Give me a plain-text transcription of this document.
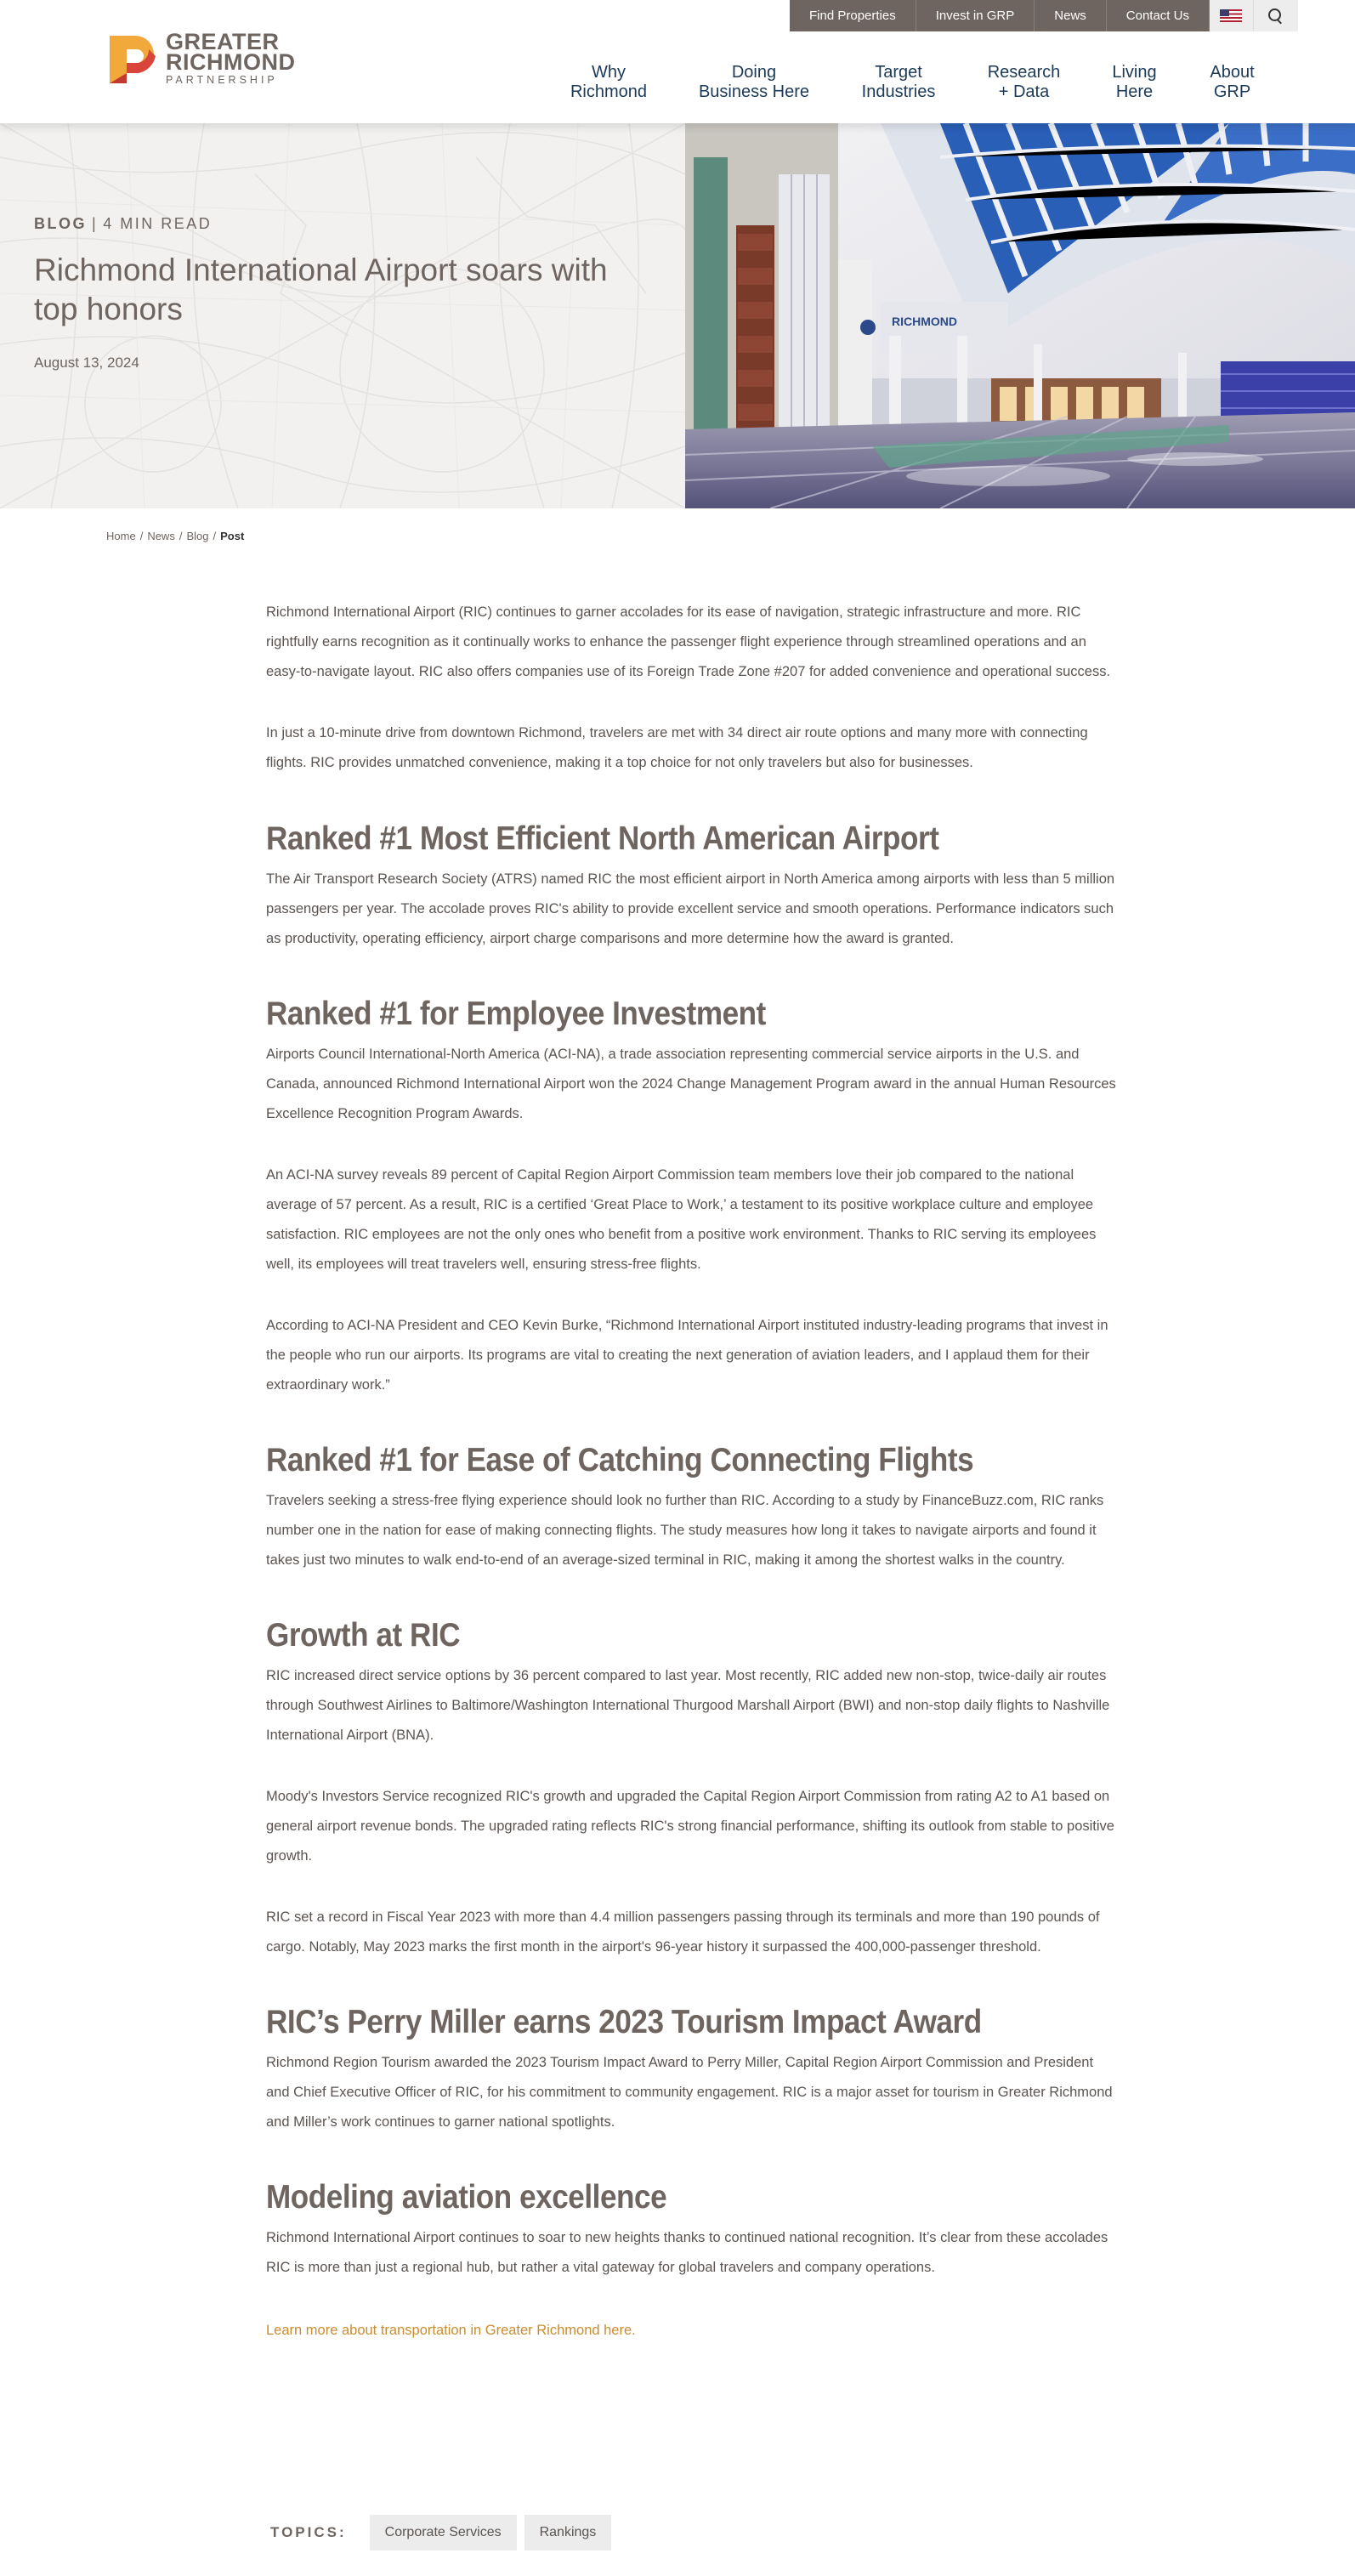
Find Properties	Invest in GRP	News	Contact Us
GREATER
RICHMOND
PARTNERSHIP	Why
Richmond
Doing
Business Here
Target
Industries
Research
+ Data
Living
Here
About
GRP
BLOG | 4 MIN READ
Richmond International Airport soars with top honors
August 13, 2024
RICHMOND
Home / News / Blog / Post

Richmond International Airport (RIC) continues to garner accolades for its ease of navigation, strategic infrastructure and more. RIC rightfully earns recognition as it continually works to enhance the passenger flight experience through streamlined operations and an easy-to-navigate layout. RIC also offers companies use of its Foreign Trade Zone #207 for added convenience and operational success.

In just a 10-minute drive from downtown Richmond, travelers are met with 34 direct air route options and many more with connecting flights. RIC provides unmatched convenience, making it a top choice for not only travelers but also for businesses.

Ranked #1 Most Efficient North American Airport

The Air Transport Research Society (ATRS) named RIC the most efficient airport in North America among airports with less than 5 million passengers per year. The accolade proves RIC's ability to provide excellent service and smooth operations. Performance indicators such as productivity, operating efficiency, airport charge comparisons and more determine how the award is granted.

Ranked #1 for Employee Investment

Airports Council International-North America (ACI-NA), a trade association representing commercial service airports in the U.S. and Canada, announced Richmond International Airport won the 2024 Change Management Program award in the annual Human Resources Excellence Recognition Program Awards.

An ACI-NA survey reveals 89 percent of Capital Region Airport Commission team members love their job compared to the national average of 57 percent. As a result, RIC is a certified ‘Great Place to Work,’ a testament to its positive workplace culture and employee satisfaction. RIC employees are not the only ones who benefit from a positive work environment. Thanks to RIC serving its employees well, its employees will treat travelers well, ensuring stress-free flights.

According to ACI-NA President and CEO Kevin Burke, “Richmond International Airport instituted industry-leading programs that invest in the people who run our airports. Its programs are vital to creating the next generation of aviation leaders, and I applaud them for their extraordinary work.”

Ranked #1 for Ease of Catching Connecting Flights

Travelers seeking a stress-free flying experience should look no further than RIC. According to a study by FinanceBuzz.com, RIC ranks number one in the nation for ease of making connecting flights. The study measures how long it takes to navigate airports and found it takes just two minutes to walk end-to-end of an average-sized terminal in RIC, making it among the shortest walks in the country.

Growth at RIC

RIC increased direct service options by 36 percent compared to last year. Most recently, RIC added new non-stop, twice-daily air routes through Southwest Airlines to Baltimore/Washington International Thurgood Marshall Airport (BWI) and non-stop daily flights to Nashville International Airport (BNA).

Moody's Investors Service recognized RIC's growth and upgraded the Capital Region Airport Commission from rating A2 to A1 based on general airport revenue bonds. The upgraded rating reflects RIC's strong financial performance, shifting its outlook from stable to positive growth.

RIC set a record in Fiscal Year 2023 with more than 4.4 million passengers passing through its terminals and more than 190 pounds of cargo. Notably, May 2023 marks the first month in the airport's 96-year history it surpassed the 400,000-passenger threshold.

RIC’s Perry Miller earns 2023 Tourism Impact Award

Richmond Region Tourism awarded the 2023 Tourism Impact Award to Perry Miller, Capital Region Airport Commission and President and Chief Executive Officer of RIC, for his commitment to community engagement. RIC is a major asset for tourism in Greater Richmond and Miller’s work continues to garner national spotlights.

Modeling aviation excellence

Richmond International Airport continues to soar to new heights thanks to continued national recognition. It’s clear from these accolades RIC is more than just a regional hub, but rather a vital gateway for global travelers and company operations.

Learn more about transportation in Greater Richmond here.
TOPICS:	Corporate Services	Rankings
